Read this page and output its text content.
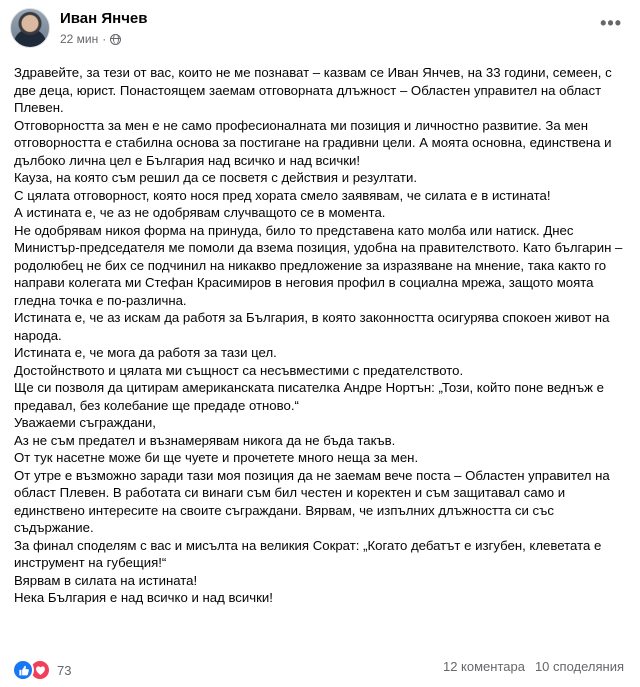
Иван Янчев
22 мин ·
•••

Здравейте, за тези от вас, които не ме познават – казвам се Иван Янчев, на 33 години, семеен, с две деца, юрист. Понастоящем заемам отговорната длъжност – Областен управител на област Плевен.

Отговорността за мен е не само професионалната ми позиция и личностно развитие. За мен отговорността е стабилна основа за постигане на градивни цели. А моята основна, единствена и дълбоко лична цел е България над всичко и над всички!

Кауза, на която съм решил да се посветя с действия и резултати.

С цялата отговорност, която нося пред хората смело заявявам, че силата е в истината!

А истината е, че аз не одобрявам случващото се в момента.

Не одобрявам никоя форма на принуда, било то представена като молба или натиск. Днес Министър-председателя ме помоли да взема позиция, удобна на правителството. Като българин – родолюбец не бих се подчинил на никакво предложение за изразяване на мнение, така както го направи колегата ми Стефан Красимиров в неговия профил в социална мрежа, защото моята гледна точка е по-различна.

Истината е, че аз искам да работя за България, в която законността осигурява спокоен живот на народа.

Истината е, че мога да работя за тази цел.

Достойнството и цялата ми същност са несъвместими с предателството.

Ще си позволя да цитирам американската писателка Андре Нортън: „Този, който поне веднъж е предавал, без колебание ще предаде отново.“

Уважаеми съграждани,

Аз не съм предател и възнамерявам никога да не бъда такъв.

От тук насетне може би ще чуете и прочетете много неща за мен.

От утре е възможно заради тази моя позиция да не заемам вече поста – Областен управител на област Плевен. В работата си винаги съм бил честен и коректен и съм защитавал само и единствено интересите на своите съграждани. Вярвам, че изпълних длъжността си със съдържание.

За финал споделям с вас и мисълта на великия Сократ: „Когато дебатът е изгубен, клеветата е инструмент на губещия!“

Вярвам в силата на истината!

Нека България е над всичко и над всички!

73	12 коментара 10 споделяния
